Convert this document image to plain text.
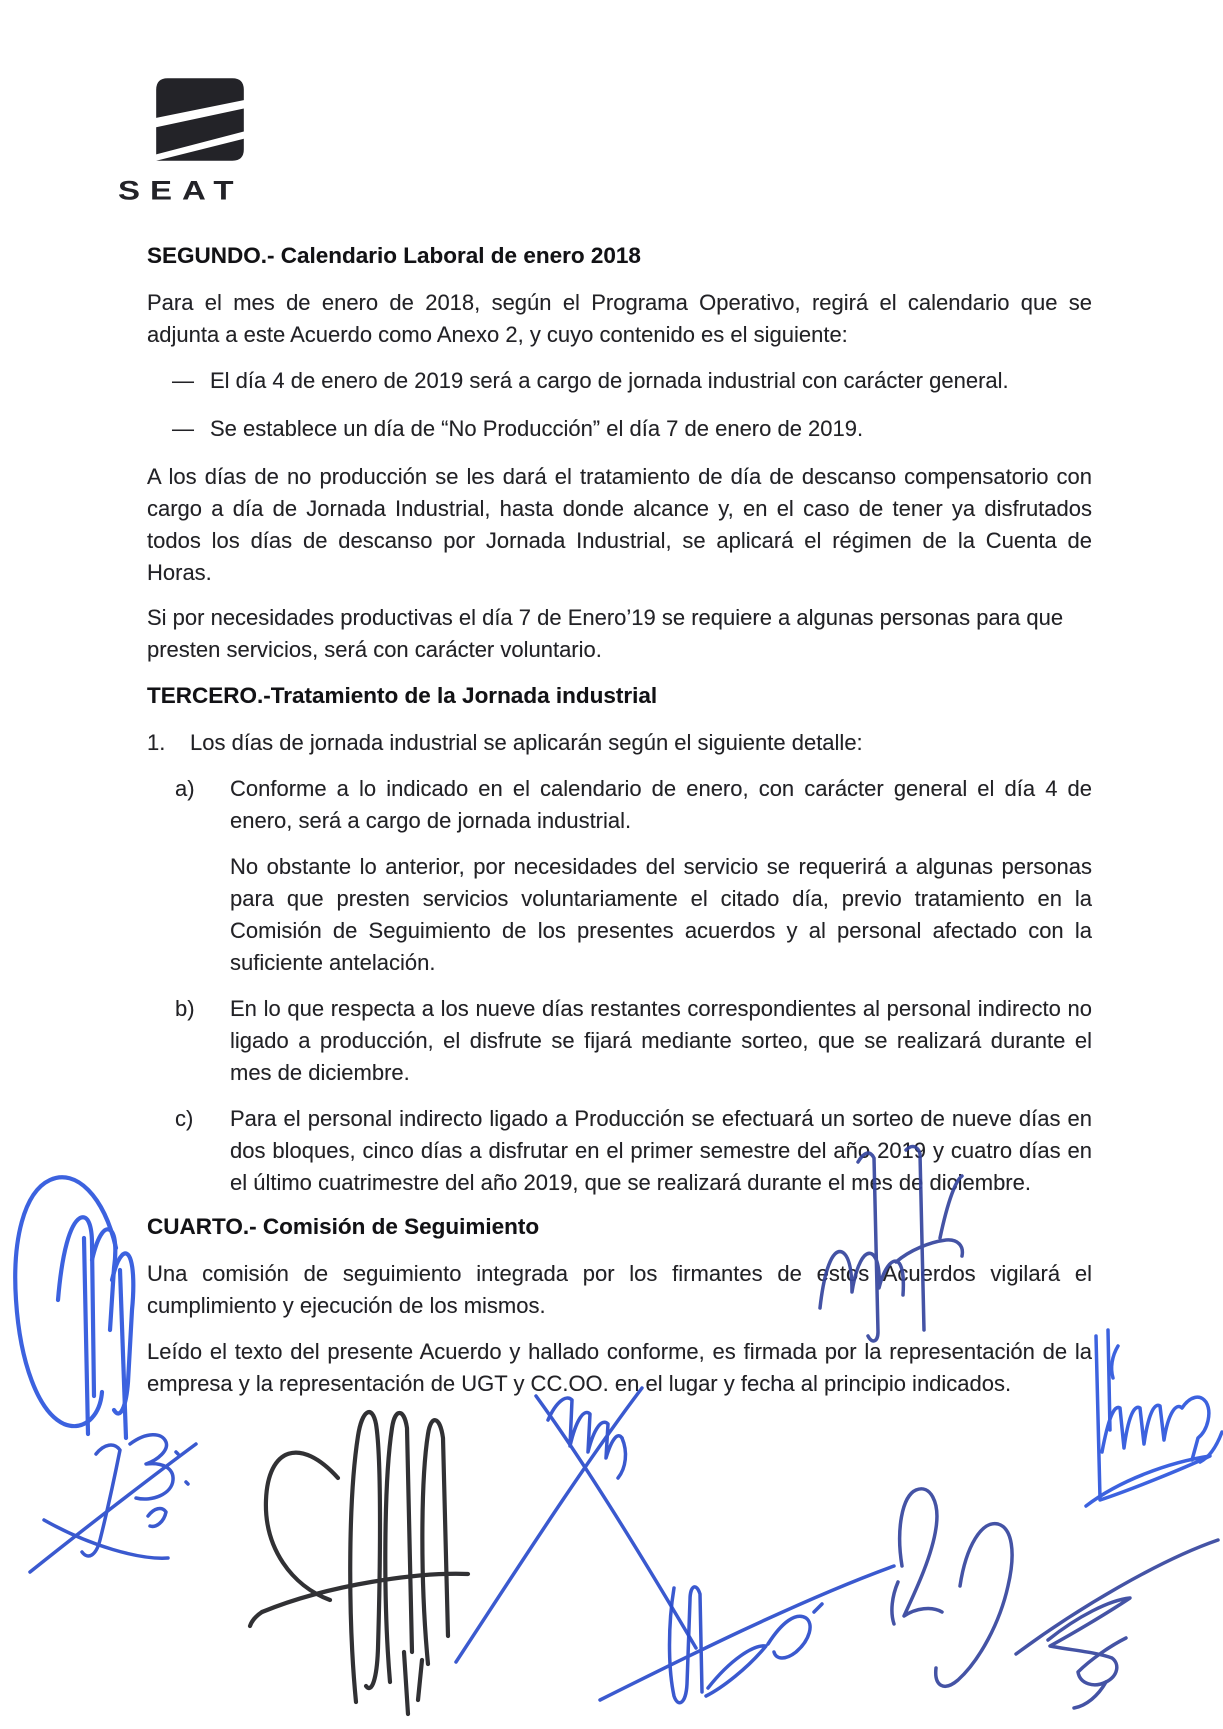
SEAT
SEGUNDO.- Calendario Laboral de enero 2018

Para el mes de enero de 2018, según el Programa Operativo, regirá el calendario que se adjunta a este Acuerdo como Anexo 2, y cuyo contenido es el siguiente:

— El día 4 de enero de 2019 será a cargo de jornada industrial con carácter general.
— Se establece un día de “No Producción” el día 7 de enero de 2019.

A los días de no producción se les dará el tratamiento de día de descanso compensatorio con cargo a día de Jornada Industrial, hasta donde alcance y, en el caso de tener ya disfrutados todos los días de descanso por Jornada Industrial, se aplicará el régimen de la Cuenta de Horas.

Si por necesidades productivas el día 7 de Enero’19 se requiere a algunas personas para que presten servicios, será con carácter voluntario.

TERCERO.-Tratamiento de la Jornada industrial
1.	Los días de jornada industrial se aplicarán según el siguiente detalle:
a)	Conforme a lo indicado en el calendario de enero, con carácter general el día 4 de enero, será a cargo de jornada industrial.

No obstante lo anterior, por necesidades del servicio se requerirá a algunas personas para que presten servicios voluntariamente el citado día, previo tratamiento en la Comisión de Seguimiento de los presentes acuerdos y al personal afectado con la suficiente antelación.

b)	En lo que respecta a los nueve días restantes correspondientes al personal indirecto no ligado a producción, el disfrute se fijará mediante sorteo, que se realizará durante el mes de diciembre.
c)	Para el personal indirecto ligado a Producción se efectuará un sorteo de nueve días en dos bloques, cinco días a disfrutar en el primer semestre del año 2019 y cuatro días en el último cuatrimestre del año 2019, que se realizará durante el mes de diciembre.
CUARTO.- Comisión de Seguimiento

Una comisión de seguimiento integrada por los firmantes de estos Acuerdos vigilará el cumplimiento y ejecución de los mismos.

Leído el texto del presente Acuerdo y hallado conforme, es firmada por la representación de la empresa y la representación de UGT y CC.OO. en el lugar y fecha al principio indicados.
